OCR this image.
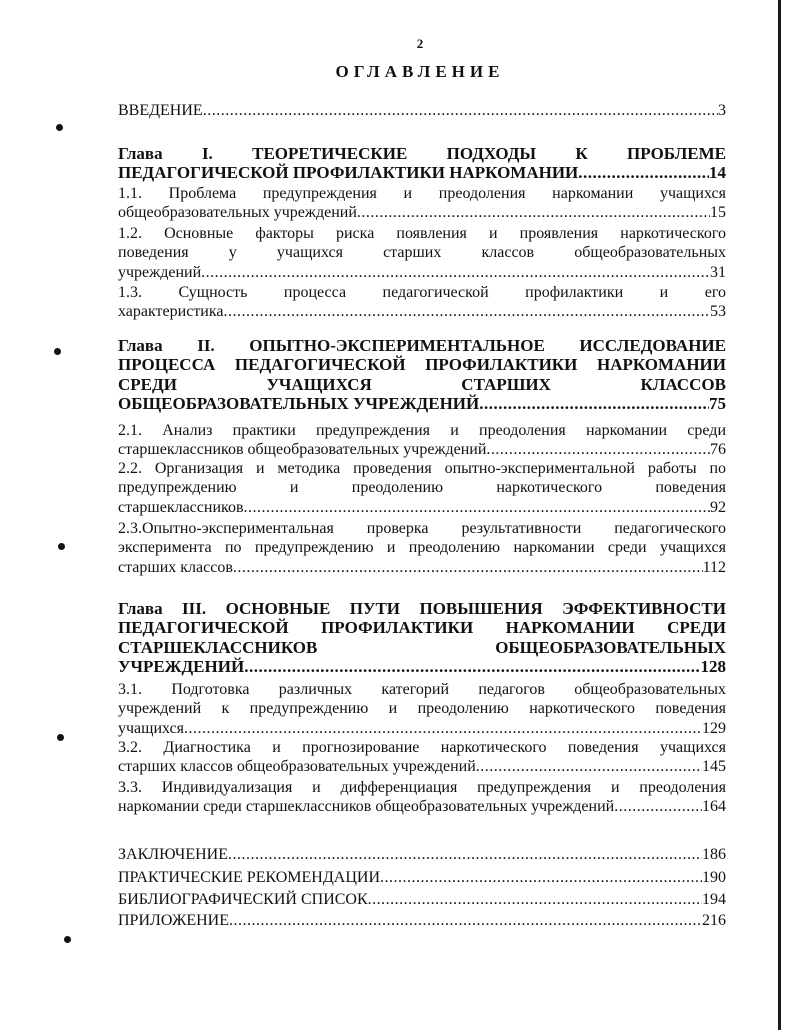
2
ОГЛАВЛЕНИЕ
ВВЕДЕНИЕ .....	3
Глава I. ТЕОРЕТИЧЕСКИЕ ПОДХОДЫ К ПРОБЛЕМЕ
ПЕДАГОГИЧЕСКОЙ ПРОФИЛАКТИКИ НАРКОМАНИИ .....	14
1.1. Проблема предупреждения и преодоления наркомании учащихся
общеобразовательных учреждений .....	15
1.2. Основные факторы риска появления и проявления наркотического
поведения у учащихся старших классов общеобразовательных
учреждений .....	31
1.3. Сущность процесса педагогической профилактики и его
характеристика .....	53
Глава II. ОПЫТНО-ЭКСПЕРИМЕНТАЛЬНОЕ ИССЛЕДОВАНИЕ
ПРОЦЕССА ПЕДАГОГИЧЕСКОЙ ПРОФИЛАКТИКИ НАРКОМАНИИ
СРЕДИ УЧАЩИХСЯ СТАРШИХ КЛАССОВ
ОБЩЕОБРАЗОВАТЕЛЬНЫХ УЧРЕЖДЕНИЙ .....	75
2.1. Анализ практики предупреждения и преодоления наркомании среди
старшеклассников общеобразовательных учреждений .....	76
2.2. Организация и методика проведения опытно-экспериментальной работы по
предупреждению и преодолению наркотического поведения
старшеклассников .....	92
2.3.Опытно-экспериментальная проверка результативности педагогического
эксперимента по предупреждению и преодолению наркомании среди учащихся
старших классов .....	112
Глава III. ОСНОВНЫЕ ПУТИ ПОВЫШЕНИЯ ЭФФЕКТИВНОСТИ
ПЕДАГОГИЧЕСКОЙ ПРОФИЛАКТИКИ НАРКОМАНИИ СРЕДИ
СТАРШЕКЛАССНИКОВ ОБЩЕОБРАЗОВАТЕЛЬНЫХ
УЧРЕЖДЕНИЙ .....	128
3.1. Подготовка различных категорий педагогов общеобразовательных
учреждений к предупреждению и преодолению наркотического поведения
учащихся .....	129
3.2. Диагностика и прогнозирование наркотического поведения учащихся
старших классов общеобразовательных учреждений .....	145
3.3. Индивидуализация и дифференциация предупреждения и преодоления
наркомании среди старшеклассников общеобразовательных учреждений .....	164
ЗАКЛЮЧЕНИЕ .....	186
ПРАКТИЧЕСКИЕ РЕКОМЕНДАЦИИ .....	190
БИБЛИОГРАФИЧЕСКИЙ СПИСОК .....	194
ПРИЛОЖЕНИЕ .....	216
